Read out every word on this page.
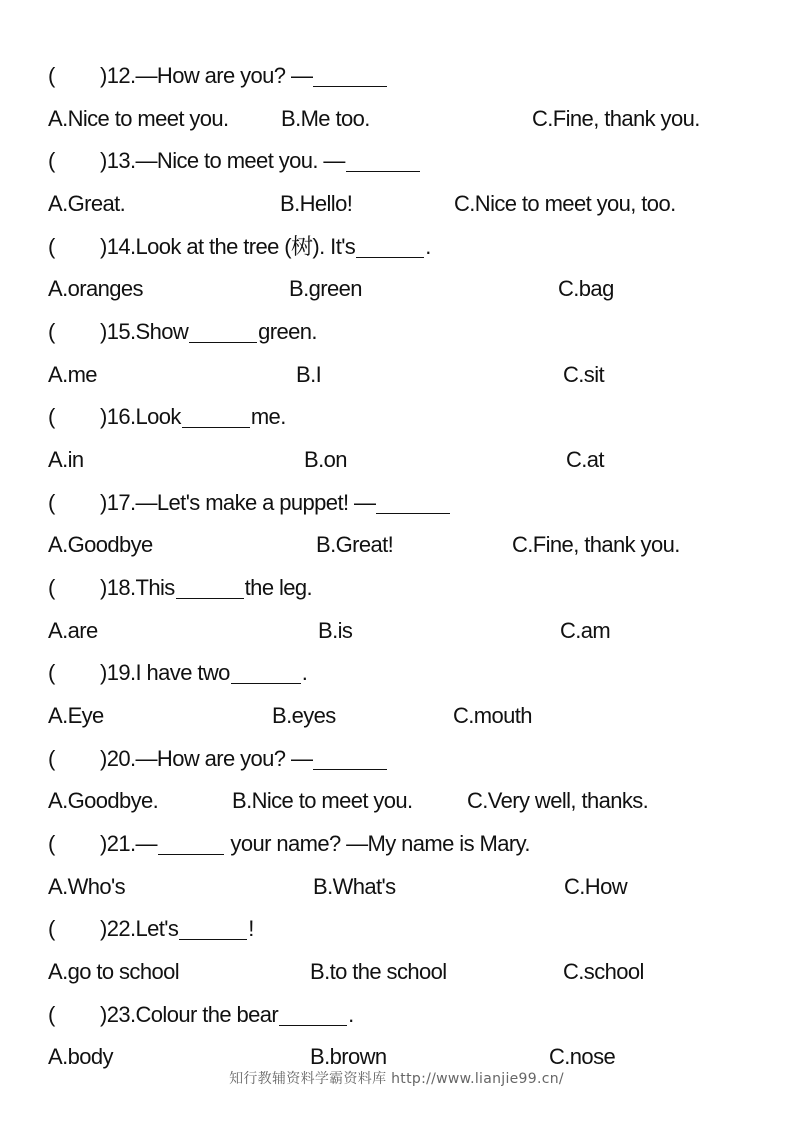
( )12.—How are you? —
A.Nice to meet you. B.Me too.	C.Fine, thank you.
( )13.—Nice to meet you. —
A.Great.	B.Hello!	C.Nice to meet you, too.
( )14.Look at the tree (树). It's	.
A.oranges	B.green	C.bag
( )15.Show	green.
A.me	B.I	C.sit
( )16.Look	me.
A.in	B.on	C.at
( )17.—Let's make a puppet! —
A.Goodbye	B.Great!	C.Fine, thank you.
( )18.This	the leg.
A.are	B.is	C.am
( )19.I have two	.
A.Eye	B.eyes	C.mouth
( )20.—How are you? —
A.Goodbye.	B.Nice to meet you. C.Very well, thanks.
( )21.—	your name? —My name is Mary.
A.Who's	B.What's	C.How
( )22.Let's	!
A.go to school	B.to the school	C.school
( )23.Colour the bear	.
A.body	B.brown	C.nose
知行教辅资料学霸资料库 http://www.lianjie99.cn/
